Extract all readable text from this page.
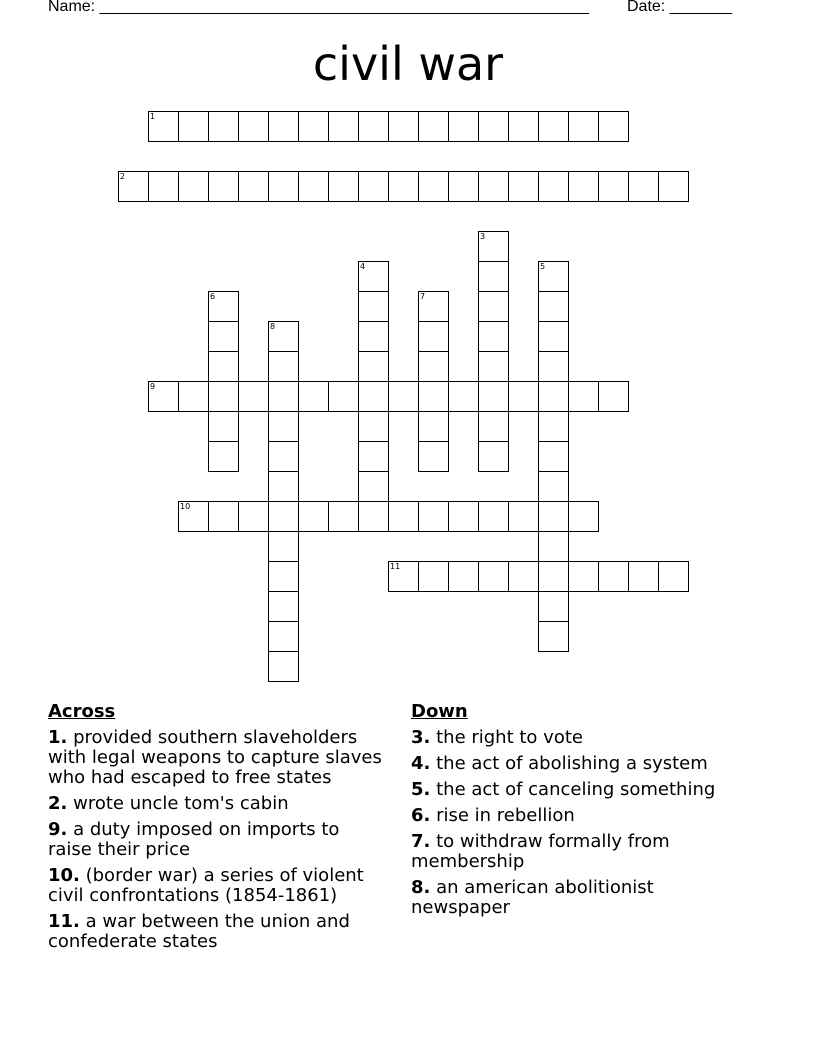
Name: _______________________________________________________ Date: _______
civil war
1
2
3
4	5
6	7
8
9
10
11
Across
1. provided southern slaveholders with legal weapons to capture slaves who had escaped to free states
2. wrote uncle tom's cabin
9. a duty imposed on imports to raise their price
10. (border war) a series of violent civil confrontations (1854-1861)
11. a war between the union and confederate states
Down
3. the right to vote
4. the act of abolishing a system
5. the act of canceling something
6. rise in rebellion
7. to withdraw formally from membership
8. an american abolitionist newspaper
